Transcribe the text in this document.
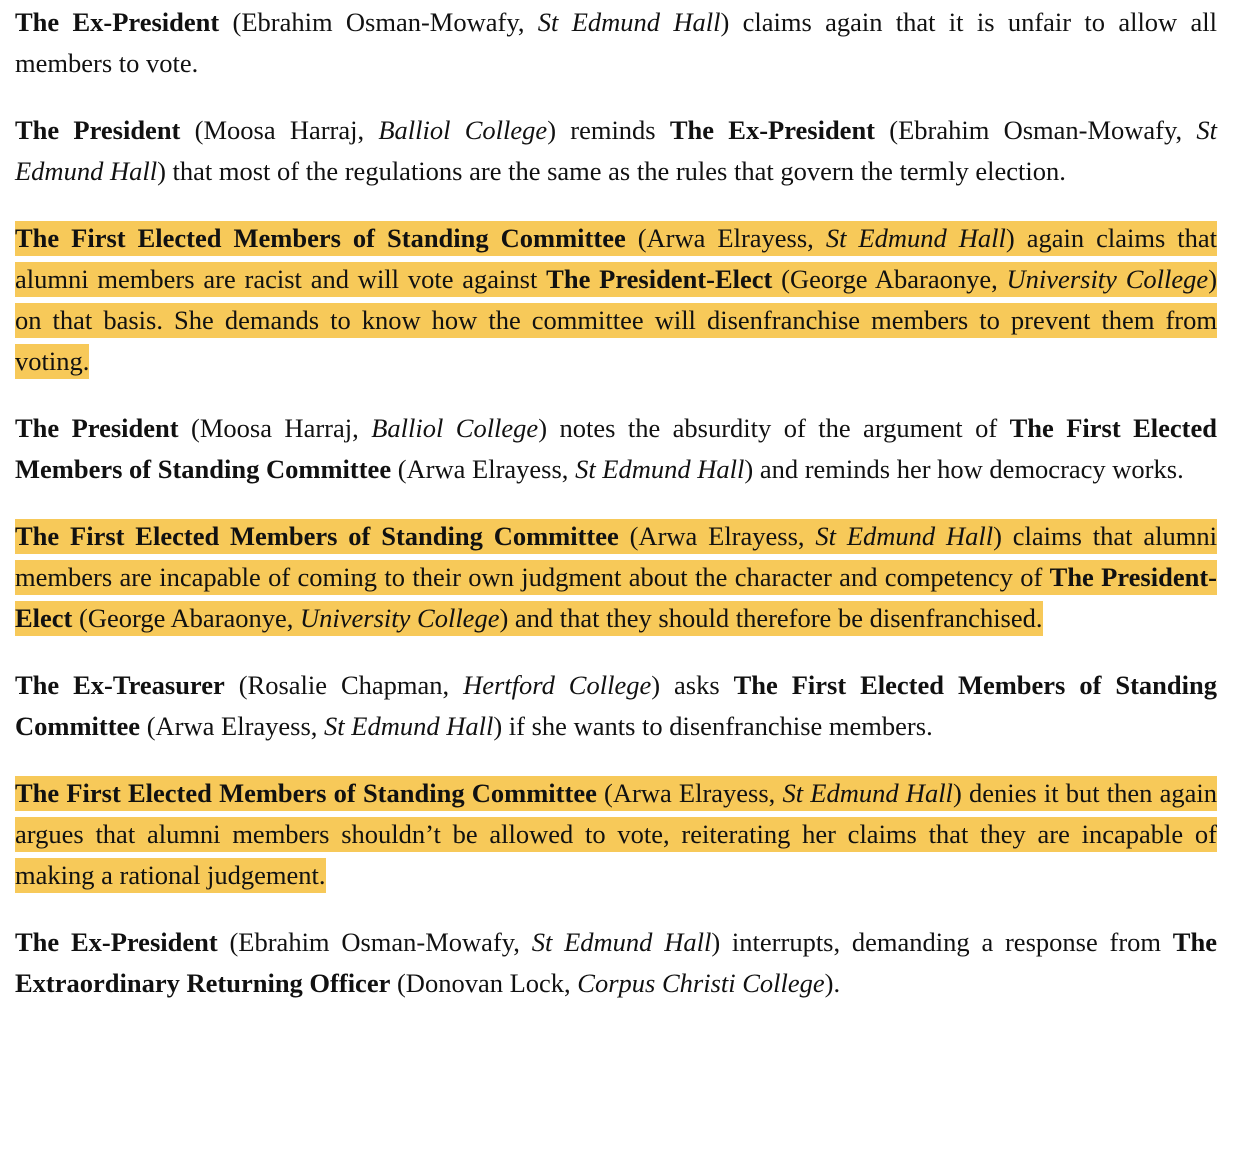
The Ex-President (Ebrahim Osman-Mowafy, St Edmund Hall) claims again that it is unfair to allow all members to vote.

The President (Moosa Harraj, Balliol College) reminds The Ex-President (Ebrahim Osman-Mowafy, St Edmund Hall) that most of the regulations are the same as the rules that govern the termly election.

The First Elected Members of Standing Committee (Arwa Elrayess, St Edmund Hall) again claims that alumni members are racist and will vote against The President-Elect (George Abaraonye, University College) on that basis. She demands to know how the committee will disenfranchise members to prevent them from voting.

The President (Moosa Harraj, Balliol College) notes the absurdity of the argument of The First Elected Members of Standing Committee (Arwa Elrayess, St Edmund Hall) and reminds her how democracy works.

The First Elected Members of Standing Committee (Arwa Elrayess, St Edmund Hall) claims that alumni members are incapable of coming to their own judgment about the character and competency of The President-Elect (George Abaraonye, University College) and that they should therefore be disenfranchised.

The Ex-Treasurer (Rosalie Chapman, Hertford College) asks The First Elected Members of Standing Committee (Arwa Elrayess, St Edmund Hall) if she wants to disenfranchise members.

The First Elected Members of Standing Committee (Arwa Elrayess, St Edmund Hall) denies it but then again argues that alumni members shouldn’t be allowed to vote, reiterating her claims that they are incapable of making a rational judgement.

The Ex-President (Ebrahim Osman-Mowafy, St Edmund Hall) interrupts, demanding a response from The Extraordinary Returning Officer (Donovan Lock, Corpus Christi College).
